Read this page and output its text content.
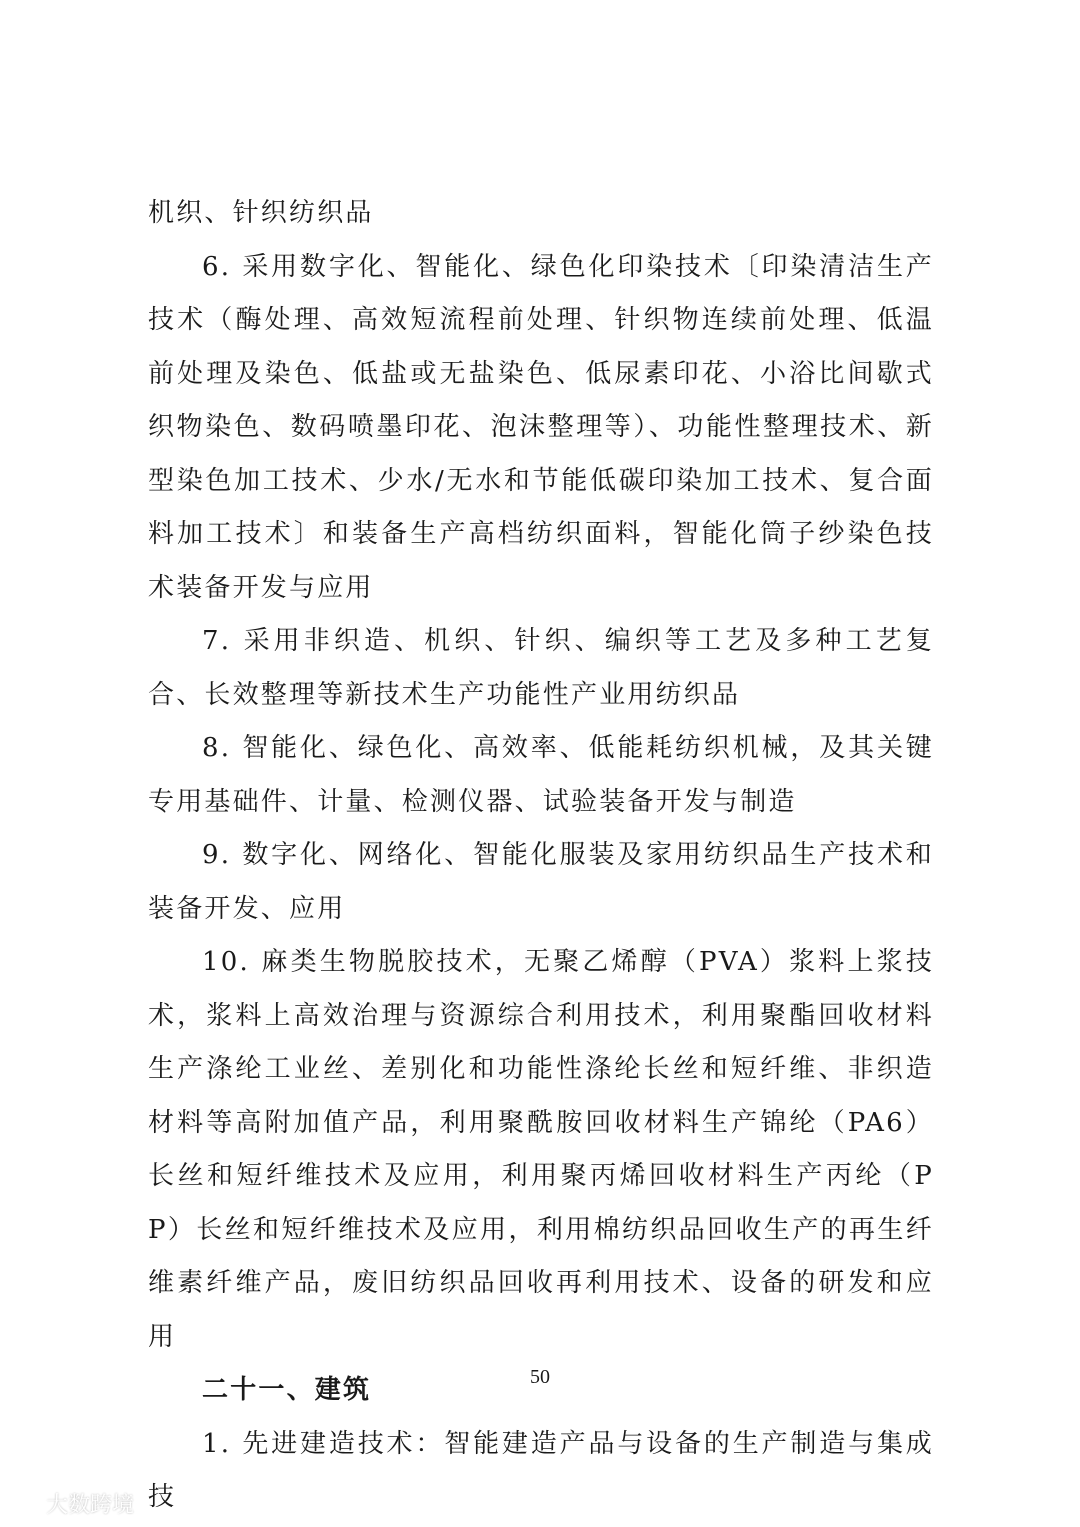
机织、针织纺织品

6. 采用数字化、智能化、绿色化印染技术〔印染清洁生产技术（酶处理、高效短流程前处理、针织物连续前处理、低温前处理及染色、低盐或无盐染色、低尿素印花、小浴比间歇式织物染色、数码喷墨印花、泡沫整理等）、功能性整理技术、新型染色加工技术、少水/无水和节能低碳印染加工技术、复合面料加工技术〕和装备生产高档纺织面料，智能化筒子纱染色技术装备开发与应用

7. 采用非织造、机织、针织、编织等工艺及多种工艺复合、长效整理等新技术生产功能性产业用纺织品

8. 智能化、绿色化、高效率、低能耗纺织机械，及其关键专用基础件、计量、检测仪器、试验装备开发与制造

9. 数字化、网络化、智能化服装及家用纺织品生产技术和装备开发、应用

10. 麻类生物脱胶技术，无聚乙烯醇（PVA）浆料上浆技术，浆料上高效治理与资源综合利用技术，利用聚酯回收材料生产涤纶工业丝、差别化和功能性涤纶长丝和短纤维、非织造材料等高附加值产品，利用聚酰胺回收材料生产锦纶（PA6）长丝和短纤维技术及应用，利用聚丙烯回收材料生产丙纶（PP）长丝和短纤维技术及应用，利用棉纺织品回收生产的再生纤维素纤维产品，废旧纺织品回收再利用技术、设备的研发和应用

二十一、建筑

1. 先进建造技术：智能建造产品与设备的生产制造与集成技

50
大数跨境
